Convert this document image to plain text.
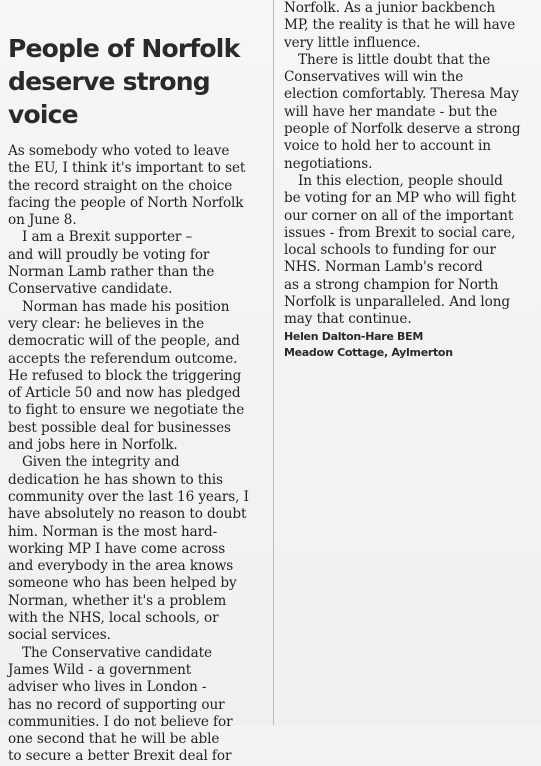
People of Norfolk
deserve strong voice

As somebody who voted to leave
the EU, I think it's important to set
the record straight on the choice
facing the people of North Norfolk
on June 8.

I am a Brexit supporter –
and will proudly be voting for
Norman Lamb rather than the
Conservative candidate.

Norman has made his position
very clear: he believes in the
democratic will of the people, and
accepts the referendum outcome.
He refused to block the triggering
of Article 50 and now has pledged
to fight to ensure we negotiate the
best possible deal for businesses
and jobs here in Norfolk.

Given the integrity and
dedication he has shown to this
community over the last 16 years, I
have absolutely no reason to doubt
him. Norman is the most hard-
working MP I have come across
and everybody in the area knows
someone who has been helped by
Norman, whether it's a problem
with the NHS, local schools, or
social services.

The Conservative candidate
James Wild - a government
adviser who lives in London -
has no record of supporting our
communities. I do not believe for
one second that he will be able
to secure a better Brexit deal for

Norfolk. As a junior backbench
MP, the reality is that he will have
very little influence.

There is little doubt that the
Conservatives will win the
election comfortably. Theresa May
will have her mandate - but the
people of Norfolk deserve a strong
voice to hold her to account in
negotiations.

In this election, people should
be voting for an MP who will fight
our corner on all of the important
issues - from Brexit to social care,
local schools to funding for our
NHS. Norman Lamb's record
as a strong champion for North
Norfolk is unparalleled. And long
may that continue.

Helen Dalton-Hare BEM

Meadow Cottage, Aylmerton
